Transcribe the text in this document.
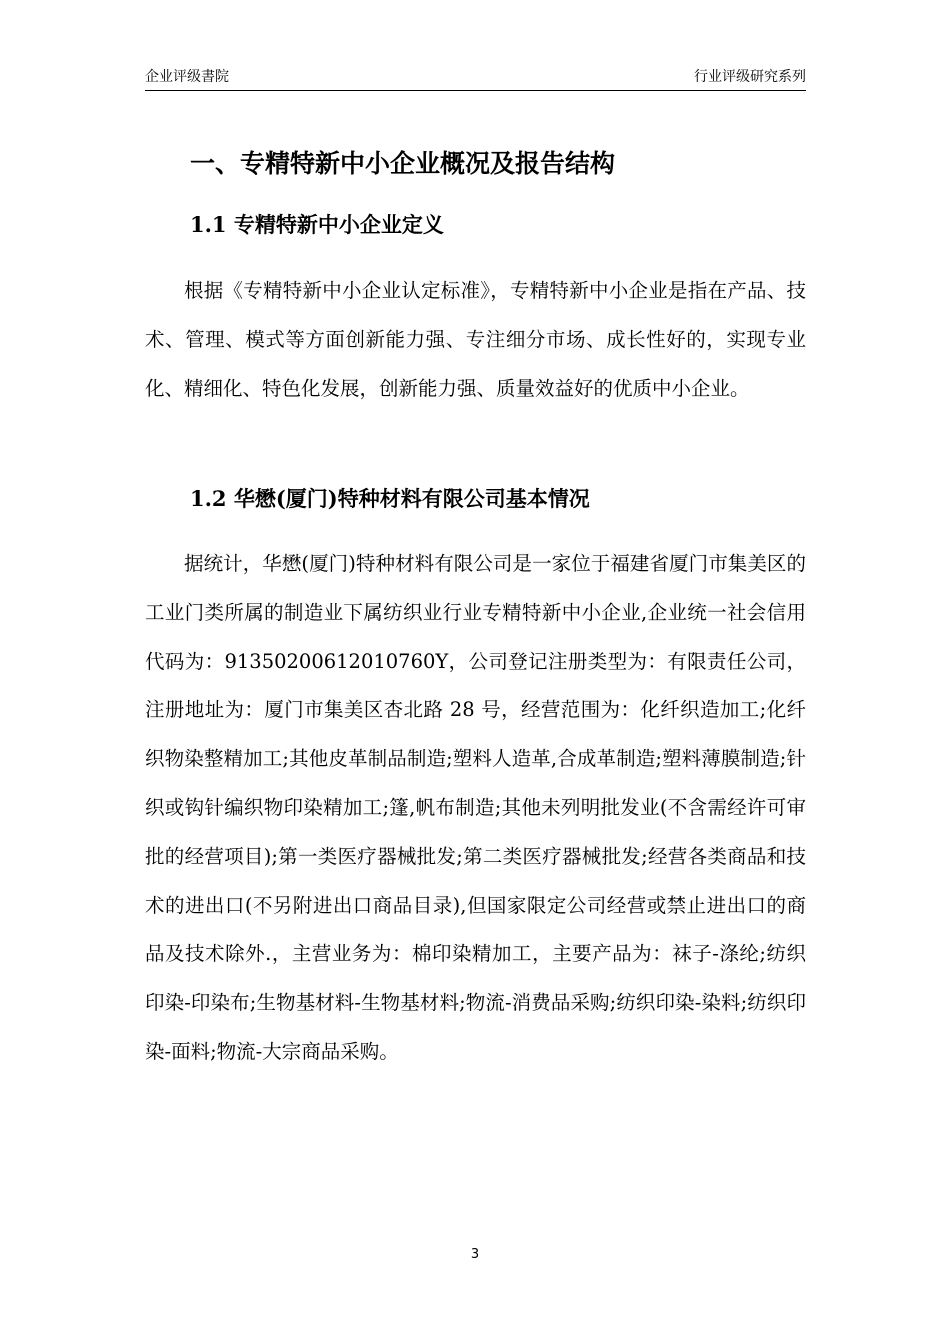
企业评级書院	行业评级研究系列
一、专精特新中小企业概况及报告结构
1.1 专精特新中小企业定义

根据《专精特新中小企业认定标准》，专精特新中小企业是指在产品、技术、管理、模式等方面创新能力强、专注细分市场、成长性好的，实现专业化、精细化、特色化发展，创新能力强、质量效益好的优质中小企业。

1.2 华懋(厦门)特种材料有限公司基本情况

据统计，华懋(厦门)特种材料有限公司是一家位于福建省厦门市集美区的工业门类所属的制造业下属纺织业行业专精特新中小企业,企业统一社会信用代码为：91350200612010760Y，公司登记注册类型为：有限责任公司，注册地址为：厦门市集美区杏北路 28 号，经营范围为：化纤织造加工;化纤织物染整精加工;其他皮革制品制造;塑料人造革,合成革制造;塑料薄膜制造;针织或钩针编织物印染精加工;篷,帆布制造;其他未列明批发业(不含需经许可审批的经营项目);第一类医疗器械批发;第二类医疗器械批发;经营各类商品和技术的进出口(不另附进出口商品目录),但国家限定公司经营或禁止进出口的商品及技术除外.，主营业务为：棉印染精加工，主要产品为：袜子-涤纶;纺织印染-印染布;生物基材料-生物基材料;物流-消费品采购;纺织印染-染料;纺织印染-面料;物流-大宗商品采购。

3
